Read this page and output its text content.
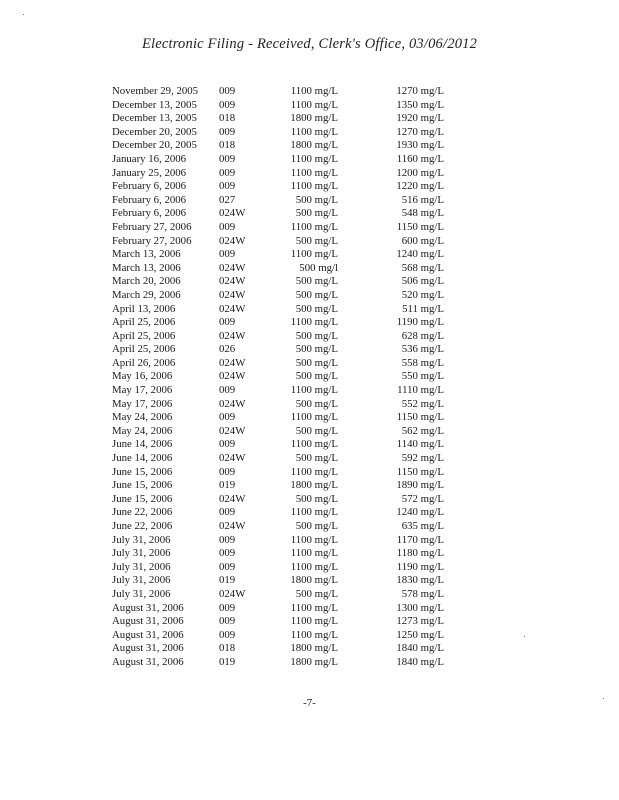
Electronic Filing - Received, Clerk's Office, 03/06/2012
November 29, 2005 009	1100 mg/L	1270 mg/L
December 13, 2005 009	1100 mg/L	1350 mg/L
December 13, 2005 018	1800 mg/L	1920 mg/L
December 20, 2005 009	1100 mg/L	1270 mg/L
December 20, 2005 018	1800 mg/L	1930 mg/L
January 16, 2006	009	1100 mg/L	1160 mg/L
January 25, 2006	009	1100 mg/L	1200 mg/L
February 6, 2006	009	1100 mg/L	1220 mg/L
February 6, 2006	027	500 mg/L	516 mg/L
February 6, 2006	024W	500 mg/L	548 mg/L
February 27, 2006	009	1100 mg/L	1150 mg/L
February 27, 2006	024W	500 mg/L	600 mg/L
March 13, 2006	009	1100 mg/L	1240 mg/L
March 13, 2006	024W	500 mg/l	568 mg/L
March 20, 2006	024W	500 mg/L	506 mg/L
March 29, 2006	024W	500 mg/L	520 mg/L
April 13, 2006	024W	500 mg/L	511 mg/L
April 25, 2006	009	1100 mg/L	1190 mg/L
April 25, 2006	024W	500 mg/L	628 mg/L
April 25, 2006	026	500 mg/L	536 mg/L
April 26, 2006	024W	500 mg/L	558 mg/L
May 16, 2006	024W	500 mg/L	550 mg/L
May 17, 2006	009	1100 mg/L	1110 mg/L
May 17, 2006	024W	500 mg/L	552 mg/L
May 24, 2006	009	1100 mg/L	1150 mg/L
May 24, 2006	024W	500 mg/L	562 mg/L
June 14, 2006	009	1100 mg/L	1140 mg/L
June 14, 2006	024W	500 mg/L	592 mg/L
June 15, 2006	009	1100 mg/L	1150 mg/L
June 15, 2006	019	1800 mg/L	1890 mg/L
June 15, 2006	024W	500 mg/L	572 mg/L
June 22, 2006	009	1100 mg/L	1240 mg/L
June 22, 2006	024W	500 mg/L	635 mg/L
July 31, 2006	009	1100 mg/L	1170 mg/L
July 31, 2006	009	1100 mg/L	1180 mg/L
July 31, 2006	009	1100 mg/L	1190 mg/L
July 31, 2006	019	1800 mg/L	1830 mg/L
July 31, 2006	024W	500 mg/L	578 mg/L
August 31, 2006	009	1100 mg/L	1300 mg/L
August 31, 2006	009	1100 mg/L	1273 mg/L
August 31, 2006	009	1100 mg/L	1250 mg/L
August 31, 2006	018	1800 mg/L	1840 mg/L
August 31, 2006	019	1800 mg/L	1840 mg/L
-7-
